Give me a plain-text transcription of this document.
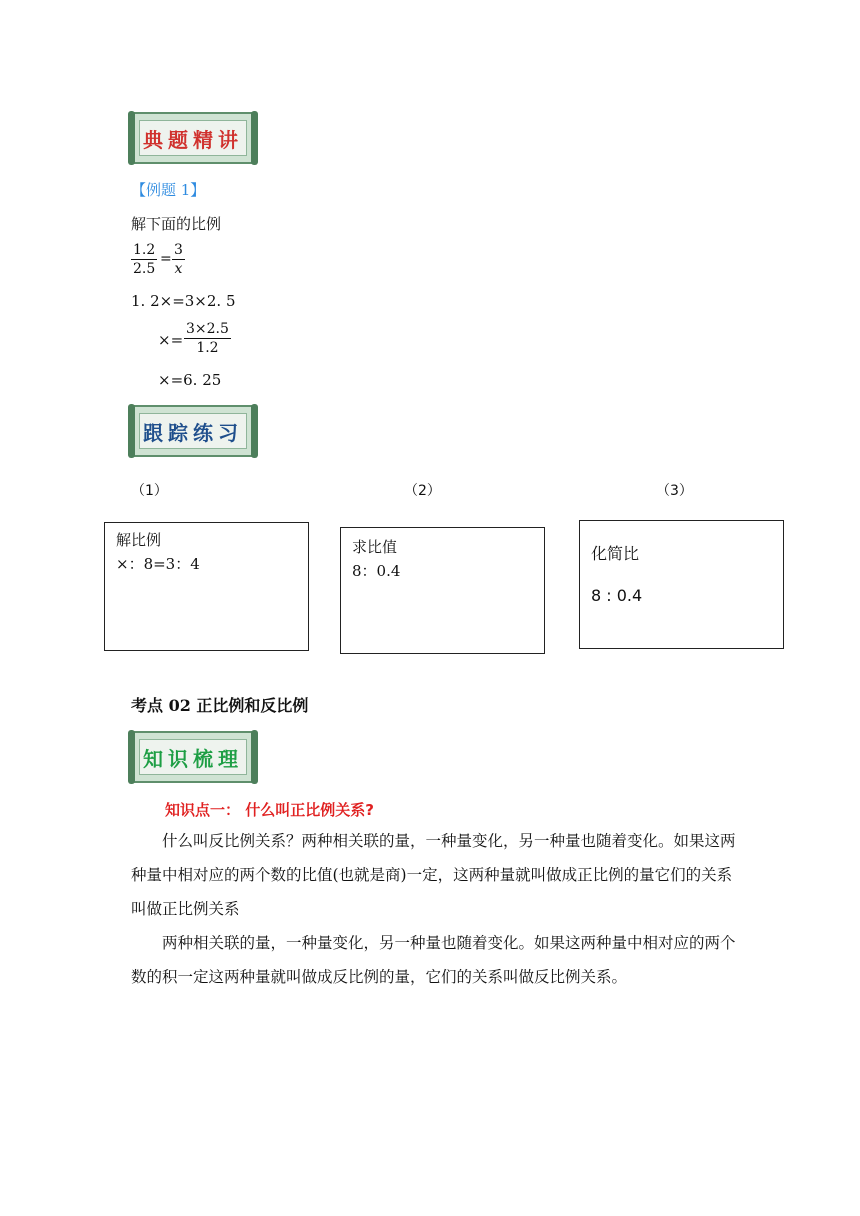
典题精讲
【例题 1】
解下面的比例
$\frac{1.2}{2.5} = \frac{3}{x}$
1. 2×=3×2. 5
×= $\frac{3\times 2.5}{1.2}$
×=6. 25
跟踪练习
（1）	（2）	（3）
解比例
×：8=3：4
求比值
8：0.4
化简比
8 : 0.4
考点 02 正比例和反比例
知识梳理
知识点一： 什么叫正比例关系?
　　什么叫反比例关系？两种相关联的量，一种量变化，另一种量也随着变化。如果这两种量中相对应的两个数的比值(也就是商)一定，这两种量就叫做成正比例的量它们的关系叫做正比例关系
　　两种相关联的量，一种量变化，另一种量也随着变化。如果这两种量中相对应的两个数的积一定这两种量就叫做成反比例的量，它们的关系叫做反比例关系。
